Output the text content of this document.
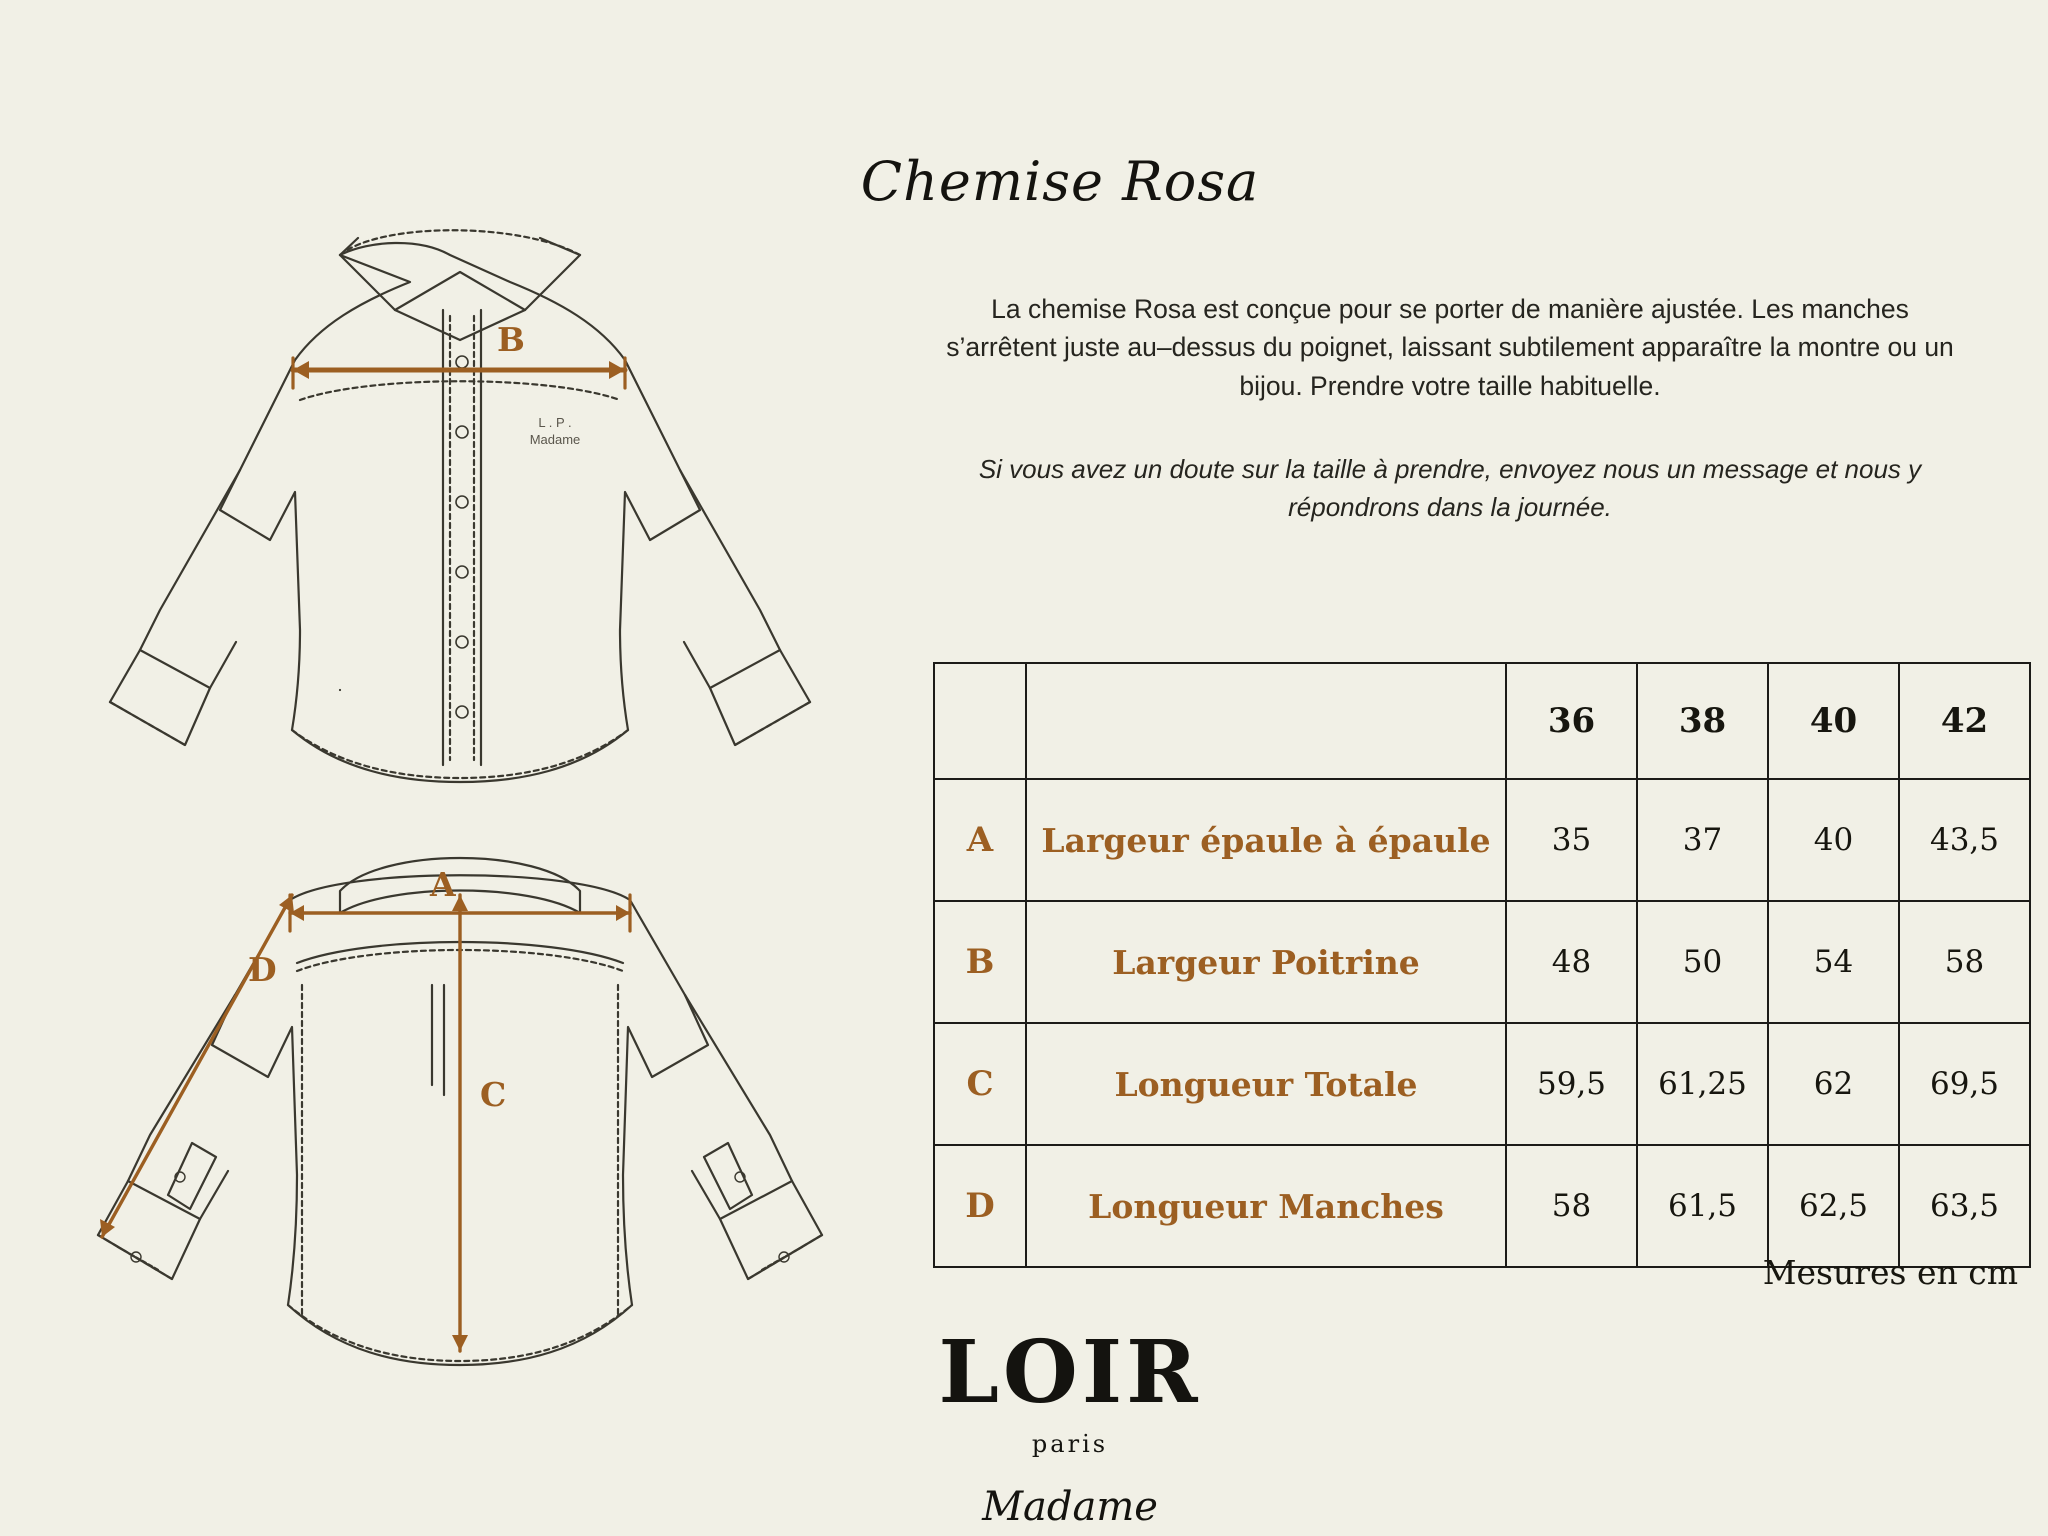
Chemise Rosa
La chemise Rosa est conçue pour se porter de manière ajustée. Les manches s’arrêtent juste au–dessus du poignet, laissant subtilement apparaître la montre ou un bijou. Prendre votre taille habituelle.
Si vous avez un doute sur la taille à prendre, envoyez nous un message et nous y répondrons dans la journée.
B
A
C
D
L . P .
Madame
		36	38	40	42
A	Largeur épaule à épaule	35	37	40	43,5
B	Largeur Poitrine	48	50	54	58
C	Longueur Totale	59,5	61,25	62	69,5
D	Longueur Manches	58	61,5	62,5	63,5
Mesures en cm
LOIR
paris
Madame
